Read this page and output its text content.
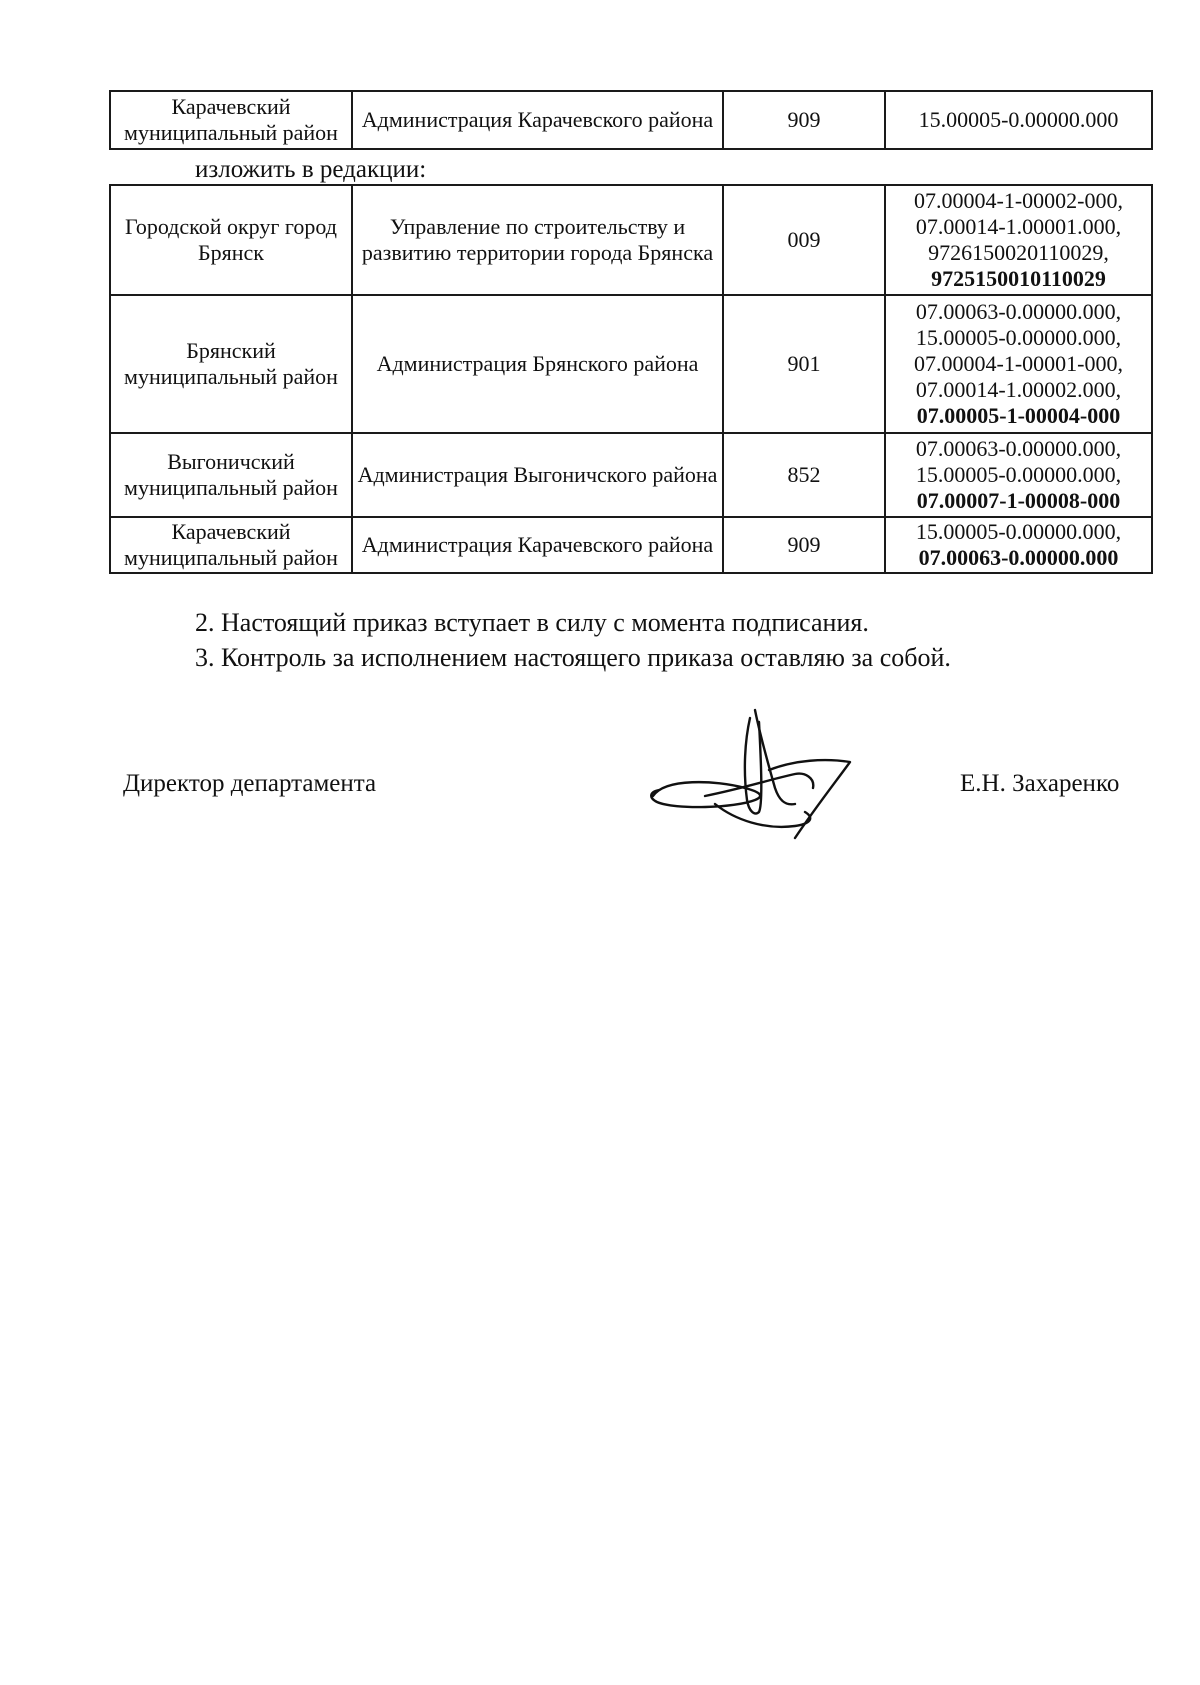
Карачевский муниципальный район	Администрация Карачевского района	909	15.00005-0.00000.000
изложить в редакции:
Городской округ город Брянск	Управление по строительству и развитию территории города Брянска	009	07.00004-1-00002-000,
07.00014-1.00001.000,
9726150020110029,
9725150010110029

Брянский муниципальный район	Администрация Брянского района	901	07.00063-0.00000.000,
15.00005-0.00000.000,
07.00004-1-00001-000,
07.00014-1.00002.000,
07.00005-1-00004-000

Выгоничский муниципальный район	Администрация Выгоничского района	852	07.00063-0.00000.000,
15.00005-0.00000.000,
07.00007-1-00008-000

Карачевский муниципальный район	Администрация Карачевского района	909	15.00005-0.00000.000,
07.00063-0.00000.000
2. Настоящий приказ вступает в силу с момента подписания.
3. Контроль за исполнением настоящего приказа оставляю за собой.
Директор департамента	Е.Н. Захаренко
